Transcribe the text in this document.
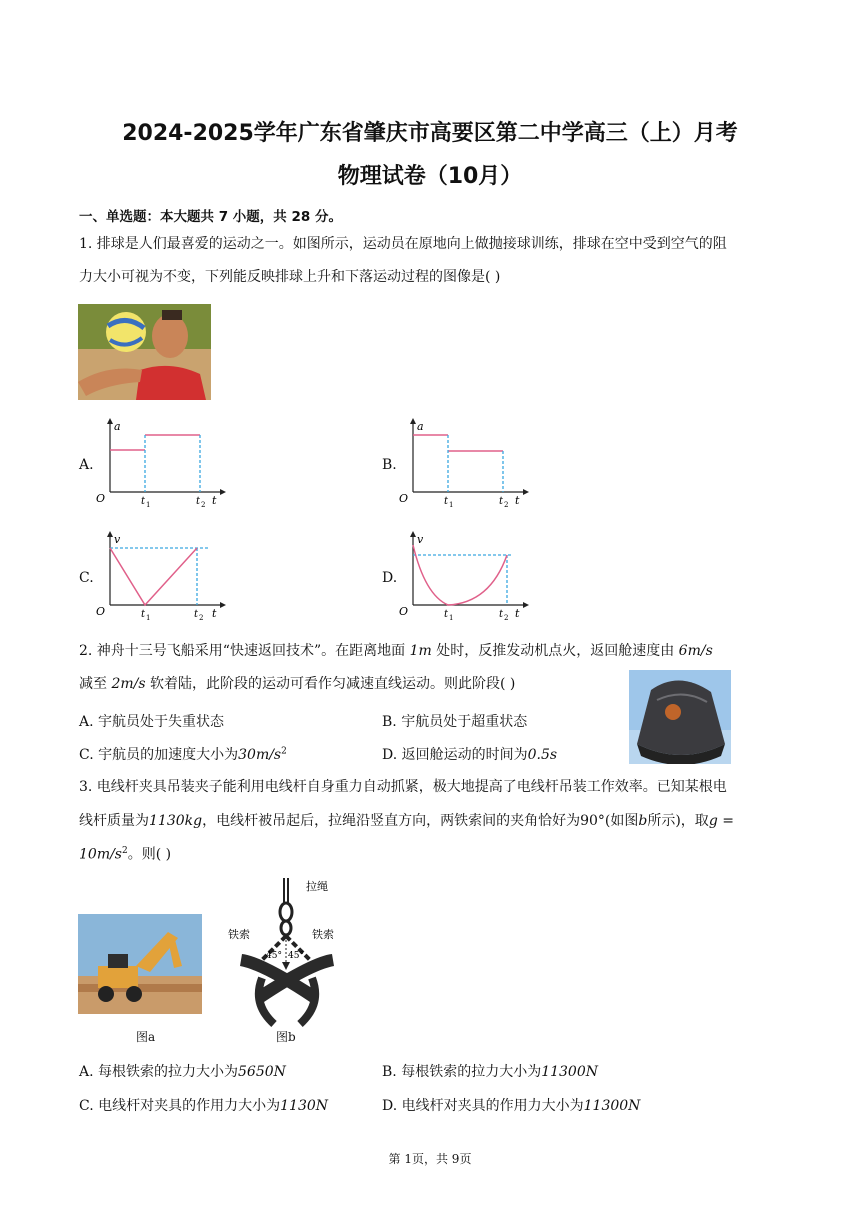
2024-2025学年广东省肇庆市高要区第二中学高三（上）月考
物理试卷（10月）
一、单选题：本大题共 7 小题，共 28 分。
1. 排球是人们最喜爱的运动之一。如图所示，运动员在原地向上做抛接球训练，排球在空中受到空气的阻
力大小可视为不变，下列能反映排球上升和下落运动过程的图像是( )
A.
a
O	t 1	t 2 t
B.
a
O	t 1	t 2 t
C.
v
O	t 1	t 2 t
D.
v
O	t 1	t 2 t
2. 神舟十三号飞船采用“快速返回技术”。在距离地面 1m 处时，反推发动机点火，返回舱速度由 6m/s
减至 2m/s 软着陆，此阶段的运动可看作匀减速直线运动。则此阶段( )
A. 宇航员处于失重状态	B. 宇航员处于超重状态
C. 宇航员的加速度大小为$30m/s^2$	D. 返回舱运动的时间为0.5s
3. 电线杆夹具吊装夹子能利用电线杆自身重力自动抓紧，极大地提高了电线杆吊装工作效率。已知某根电
线杆质量为1130kg，电线杆被吊起后，拉绳沿竖直方向，两铁索间的夹角恰好为90°(如图b所示)，取g =
$10m/s^2$。则( )
图a
拉绳
铁索	铁索
45° 45°
图b
A. 每根铁索的拉力大小为5650N	B. 每根铁索的拉力大小为11300N
C. 电线杆对夹具的作用力大小为1130N	D. 电线杆对夹具的作用力大小为11300N
第 1页，共 9页
